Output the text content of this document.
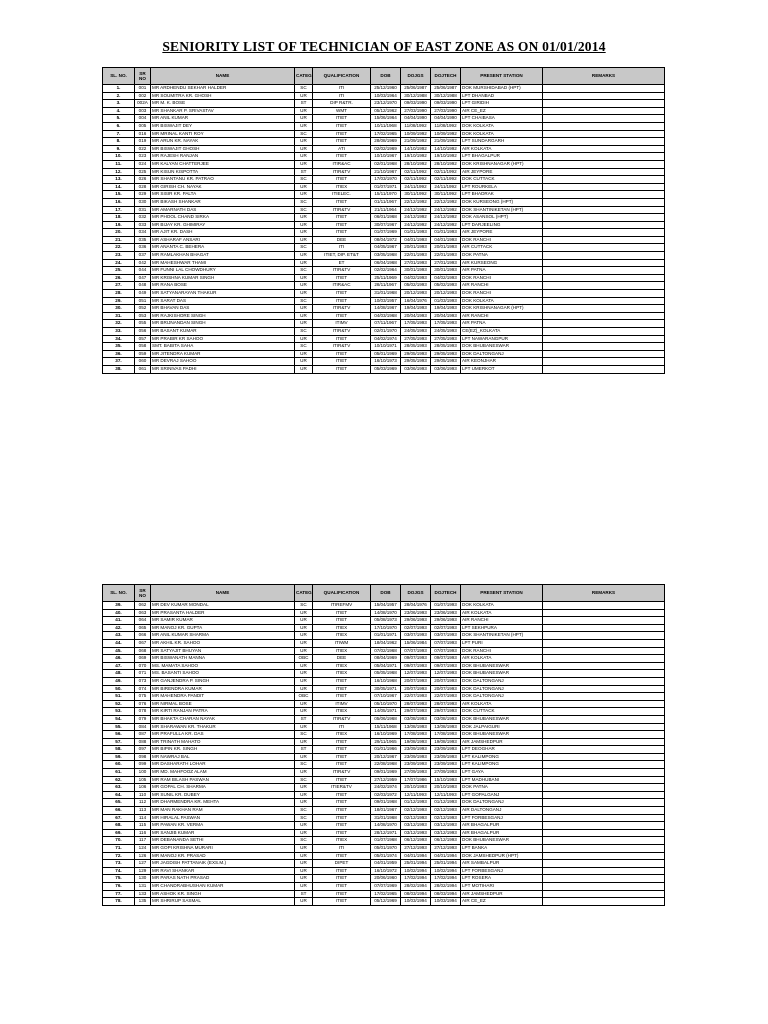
SENIORITY LIST OF TECHNICIAN OF EAST ZONE AS ON 01/01/2014
SL. NO.	SR NO	NAME	CATEG	QUALIFICATION	DOB	DOJGS	DOJTECH	PRESENT STATION	REMARKS
1.	001	MR ARDHENDU SEKHAR HALDER	SC	ITI	25/12/1960	25/06/1987	25/06/1987	DOK MURSHIDABAD (HPT)	
2.	002	MR SOUMITRA KR. GHOSH	UR	ITI	10/03/1964	30/12/1988	30/12/1988	LPT DHANBAD	
3.	002A	MR M. K. BOSE	ST	DIP R&TR.	23/12/1970	09/03/1990	09/03/1990	LPT GIRIDIH	
4.	003	MR SHANKAR P. SRIVASTAV	UR	WMT	05/12/1962	27/03/1990	27/03/1990	AIR CE_EZ	
5.	004	MR ANIL KUMAR	UR	ITIET	15/06/1964	04/04/1990	04/04/1990	LPT CHAIBASA	
6.	005	MR BISWAJIT DEY	UR	ITIET	10/11/1968	11/08/1992	11/08/1992	DOK KOLKATA	
7.	016	MR MRINAL KANTI ROY	SC	ITIET	17/02/1965	10/09/1992	10/09/1992	DOK KOLKATA	
8.	019	MR ARUN KR. NAYAK	UR	ITIET	28/08/1969	21/09/1992	21/09/1992	LPT SUNDARGARH	
9.	022	MR BISWAJIT GHOSH	UR	ATI	02/02/1969	14/10/1992	14/10/1992	AIR KOLKATA	
10.	023	MR RAJESH RANJAN	UR	ITIET	10/10/1967	19/10/1992	19/10/1992	LPT BHAGALPUR	
11.	024	MR KALYAN CHATTERJEE	UR	ITIR&AC	02/01/1968	28/10/1992	28/10/1992	DOK KRISHNANAGAR (HPT)	
12.	025	MR KISUN KISPOTTA	ST	ITIR&TV	21/10/1967	02/11/1992	02/11/1992	AIR JEYPORE	
13.	026	MR SHANTANU KR. PATRAO	SC	ITIET	17/03/1970	02/11/1992	02/11/1992	DOK CUTTACK	
14.	028	MR GIRISH CH. NAYAK	UR	ITIEX	01/07/1971	24/11/1992	24/11/1992	LPT ROURKELA	
15.	029	MR SISIR KR. PALTA	UR	ITIELEC.	15/11/1970	30/11/1992	30/11/1992	LPT BHADRAK	
16.	030	MR BIKASH SHANKAR	SC	ITIET	01/11/1967	22/12/1992	22/12/1992	DOK KURSEONG (HPT)	
17.	031	MR AMARNATH DAS	SC	ITIR&TV	21/11/1964	24/12/1992	24/12/1992	DOK SHANTINIKETAN (HPT)	
18.	032	MR PHOOL CHAND SIRKA	UR	ITIET	06/01/1968	24/12/1992	24/12/1992	DOK ASANSOL (HPT)	
19.	033	MR BIJAY KR. GHIMIRAY	UR	ITIET	30/07/1967	24/12/1992	24/12/1992	LPT DARJEELING	
20.	034	MR AJIT KR. DASH	UR	ITIET	01/07/1969	01/01/1993	01/01/1993	AIR JEYPORE	
21.	035	MR ASHARAF ANSARI	UR	DEE	08/04/1972	04/01/1993	04/01/1993	DOK RANCHI	
22.	036	MR ANANTA C. BEHERA	SC	ITI	04/05/1967	20/01/1993	20/01/1993	AIR CUTTACK	
23.	037	MR RAMLAKHAN BHAGAT	UR	ITIET, DIP. ET&T	03/05/1968	22/01/1993	22/01/1993	DOK PATNA	
24.	042	MR MAHESHWAR THAMI	UR	ET	06/04/1968	27/01/1993	27/01/1993	AIR KURSEONG	
25.	044	MR FUNNI LAL CHOWDHURY	SC	ITIR&TV	02/02/1964	30/01/1993	30/01/1993	AIR PATNA	
26.	047	MR KRISHNA KUMAR SINGH	UR	ITIET	25/11/1969	04/02/1993	04/02/1993	DOK RANCHI	
27.	048	MR RANA BOSE	UR	ITIR&AC	28/11/1967	05/02/1993	05/02/1993	AIR RANCHI	
28.	049	MR SATYANARAYAN THAKUR	UR	ITIET	31/01/1968	20/12/1993	20/12/1993	DOK RANCHI	
29.	051	MR SARAT DAS	SC	ITIET	10/03/1957	16/04/1976	01/03/1993	DOK KOLKATA	
30.	052	MR BHAVAN DAS	UR	ITIR&TV	14/08/1967	19/04/1993	19/04/1993	DOK KRISHNANAGAR (HPT)	
31.	053	MR RAJKISHORE SINGH	UR	ITIET	04/03/1968	20/04/1993	20/04/1993	AIR RANCHI	
32.	055	MR BRIJNANDAN SINGH	UR	ITIMV	07/11/1967	17/05/1993	17/05/1993	AIR PATNA	
33.	056	MR BASANT KUMAR	SC	ITIR&TV	02/01/1970	24/05/1993	24/05/1993	CE(EZ)_KOLKATA	
34.	057	MR PRABIR KR SAHOO	UR	ITIET	04/02/1974	27/05/1993	27/05/1993	LPT NAWARANGPUR	
35.	058	SMT. BABITA SAHA	SC	ITIR&TV	10/10/1971	28/05/1993	28/05/1993	DOK BHUBANESWAR	
36.	059	MR JITENDRA KUMAR	UR	ITIET	05/01/1969	29/05/1993	29/05/1993	DOK DALTONGANJ	
37.	060	MR DEVRAJ SAHOO	UR	ITIET	16/10/1973	29/05/1993	29/05/1993	AIR KEONJHAR	
38.	061	MR SRINIVAS PADHI	UR	ITIET	05/03/1969	03/06/1993	03/06/1993	LPT UMERKOT	
SL. NO.	SR NO	NAME	CATEG	QUALIFICATION	DOB	DOJGS	DOJTECH	PRESENT STATION	REMARKS
39.	062	MR DEV KUMAR MONDAL	SC	ITIREFMV	15/04/1957	28/04/1976	01/07/1993	DOK KOLKATA	
40.	063	MR PRASANTA HALDER	UR	ITIET	14/08/1970	23/06/1993	23/06/1993	AIR KOLKATA	
41.	064	MR SAMIR KUMAR	UR	ITIET	05/08/1973	29/06/1993	29/06/1993	AIR RANCHI	
42.	065	MR MANOJ KR. GUPTA	UR	ITIEX	17/10/1970	02/07/1993	02/07/1993	LPT SEKHPURA	
43.	066	MR ANIL KUMAR SHARMA	UR	ITIEX	01/01/1971	03/07/1993	03/07/1993	DOK SHANTINIKETAN (HPT)	
44.	067	MR AKHIL KR. SAHOO	UR	ITIWM	18/04/1962	15/06/1984	07/07/1993	LPT PURI	
45.	068	MR SATYAJIT BHUYAN	UR	ITIEX	07/02/1968	07/07/1993	07/07/1993	DOK RANCHI	
46.	069	MR BISWANATH MANNA	OBC	DEE	08/04/1969	09/07/1993	09/07/1993	AIR KOLKATA	
47.	070	MS. MAMATA SAHOO	UR	ITIEX	05/04/1971	09/07/1993	09/07/1993	DOK BHUBANESWAR	
48.	071	MS. BASANTI SAHOO	UR	ITIEX	05/05/1968	12/07/1993	12/07/1993	DOK BHUBANESWAR	
49.	073	MR GANJENDRA P. SINGH	UR	ITIET	16/10/1968	20/07/1993	20/07/1993	DOK DALTONGANJ	
50.	074	MR BIRENDRA KUMAR	UR	ITIET	30/05/1971	20/07/1993	20/07/1993	DOK DALTONGANJ	
51.	075	MR MAHENDRA PANDIT	OBC	ITIET	07/10/1967	22/07/1993	22/07/1993	DOK DALTONGANJ	
52.	076	MR NIRMAL BOSE	UR	ITIMV	05/10/1970	28/07/1993	28/07/1993	AIR KOLKATA	
53.	078	MR KIRTI RANJAN PATRA	UR	ITIEX	14/05/1971	29/07/1993	29/07/1993	DOK CUTTACK	
54.	079	MR BHAKTA CHARAN NAYAK	ST	ITIR&TV	05/06/1968	03/08/1993	03/08/1993	DOK BHUBANESWAR	
55.	084	MR SHARAWAN KR. THAKUR	UR	ITI	15/11/1968	13/08/1993	13/08/1993	DOK JALPAIGURI	
56.	087	MR PRAFULLA KR. DAS	SC	ITIEX	16/10/1969	17/08/1993	17/08/1993	DOK BHUBANESWAR	
57.	088	MR TRINATH MAHATO	UR	ITIET	29/11/1965	19/08/1993	19/08/1993	AIR JAMSHEDPUR	
58.	097	MR BIPIN KR. SINGH	ST	ITIET	01/01/1966	23/09/1993	23/09/1993	LPT DEOGHAR	
59.	098	MR NAWRAJ BAL	UR	ITIET	20/12/1967	23/09/1993	23/09/1993	LPT KALIMPONG	
60.	099	MR DASHARATH LOHAR	SC	ITIET	22/08/1968	23/09/1993	23/09/1993	LPT KALIMPONG	
61.	100	MR MD. MAHFOOZ ALAM	UR	ITIR&TV	09/01/1969	27/09/1993	27/09/1993	LPT GAYA	
62.	105	MR RAM BILASH PASWAN	SC	ITIET	27/12/1959	17/07/1986	15/10/1993	LPT MADHUBANI	
63.	106	MR GOPAL CH. SHARMA	UR	ITIER&TV	24/02/1974	20/10/1993	20/10/1993	DOK PATNA	
64.	110	MR SUNIL KR. DUBEY	UR	ITIET	02/03/1972	12/11/1993	12/11/1993	LPT GOPALGANJ	
65.	112	MR DHARMENDRA KR. MEHTA	UR	ITIET	09/01/1968	01/12/1993	01/12/1993	DOK DALTONGANJ	
66.	113	MR MAN RAKHAN RAM	SC	ITIET	18/01/1967	02/12/1993	02/12/1993	AIR DALTONGANJ	
67.	114	MR HIRALAL PASWAN	SC	ITIET	31/01/1968	02/12/1993	02/12/1993	LPT FORBESGANJ	
68.	115	MR PAWAN KR. VERMA	UR	ITIET	14/08/1970	03/12/1993	03/12/1993	AIR BHAGALPUR	
69.	116	MR SANJIB KUMAR	UR	ITIET	28/12/1971	03/12/1993	03/12/1993	AIR BHAGALPUR	
70.	117	MR DEBANANDA SETHI	SC	ITIEX	01/07/1968	06/12/1993	06/12/1993	DOK BHUBANESWAR	
71.	124	MR GOPI KRISHNA MURARI	UR	ITI	05/01/1970	27/12/1993	27/12/1993	LPT BANKA	
72.	126	MR MANOJ KR. PRASAD	UR	ITIET	05/01/1974	04/01/1994	04/01/1994	DOK JAMSHEDPUR (HPT)	
73.	127	MR JAGDISH PATTANAIK (EXS.M.)	UR	DIPET	04/01/1959	25/01/1994	25/01/1994	AIR SAMBALPUR	
74.	129	MR RAVI SHANKAR	UR	ITIET	16/10/1972	10/02/1994	10/02/1994	LPT FORBESGANJ	
75.	130	MR PARAS NATH PRASAD	UR	ITIET	20/06/1960	17/02/1994	17/02/1994	LPT ROSERA	
76.	131	MR CHANDRABHUSHAN KUMAR	UR	ITIET	07/07/1969	28/02/1994	28/02/1994	LPT MOTIHARI	
77.	133	MR ASHOK KR. SINGH	ST	ITIET	17/02/1965	08/03/1994	08/03/1994	AIR JAMSHEDPUR	
78.	135	MR SHRIRUP SASMAL	UR	ITIET	05/12/1969	10/03/1994	10/03/1994	AIR CE_EZ	
